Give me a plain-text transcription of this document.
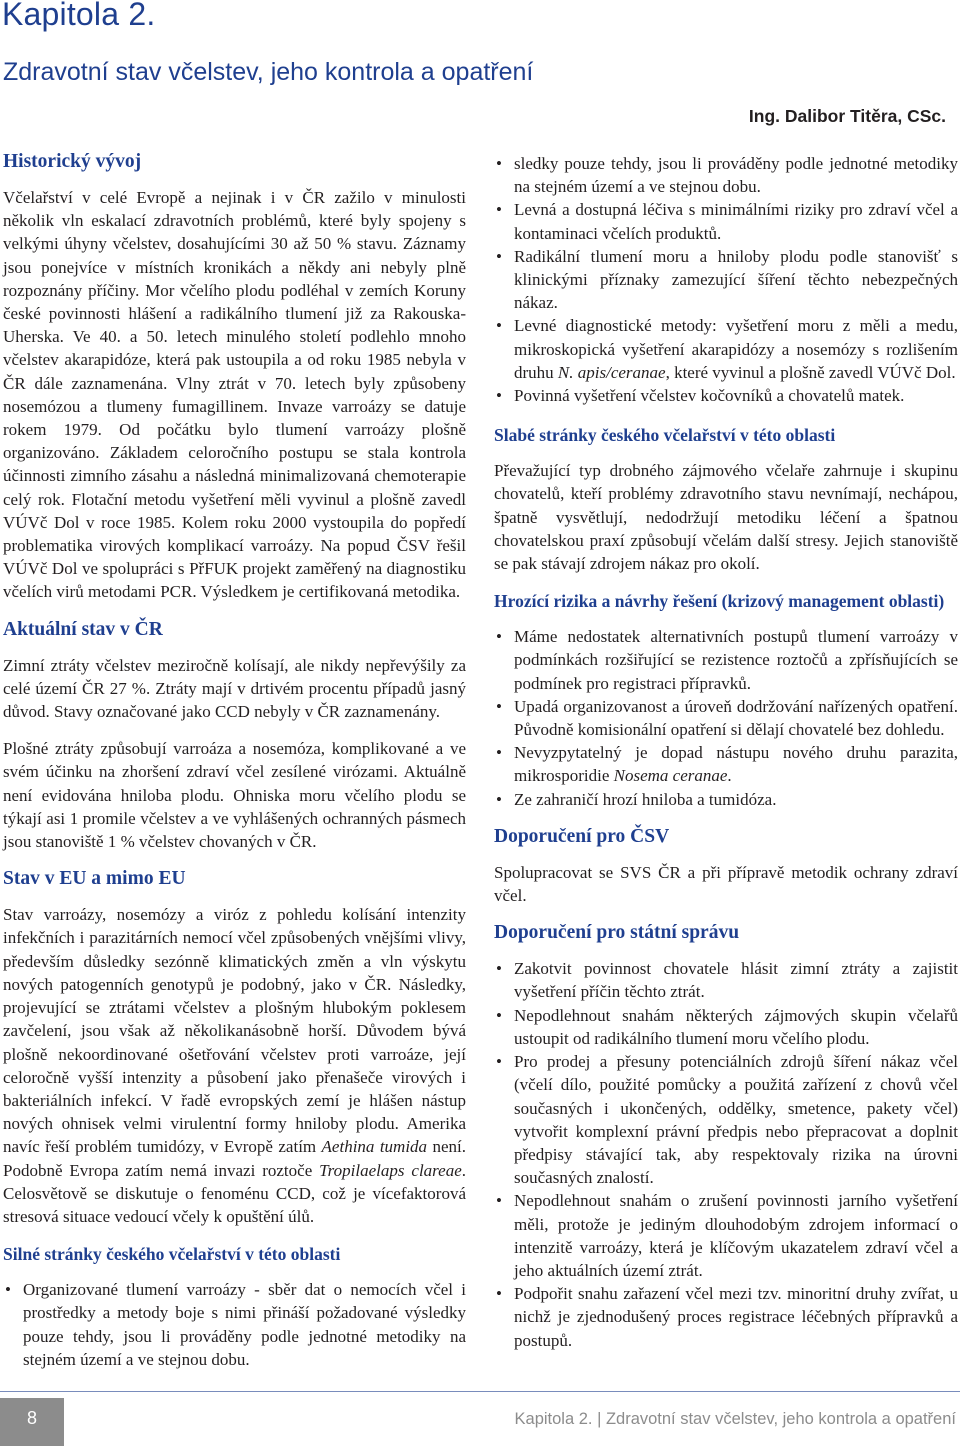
Kapitola 2.
Zdravotní stav včelstev, jeho kontrola a opatření
Ing. Dalibor Titěra, CSc.
Historický vývoj

Včelařství v celé Evropě a nejinak i v ČR zažilo v minulosti několik vln eskalací zdravotních problémů, které byly spojeny s velkými úhyny včelstev, dosahujícími 30 až 50 % stavu. Záznamy jsou ponejvíce v místních kronikách a někdy ani nebyly plně rozpoznány příčiny. Mor včelího plodu podléhal v zemích Koruny české povinnosti hlášení a radikálního tlumení již za Rakouska-Uherska. Ve 40. a 50. letech minulého století podlehlo mnoho včelstev akarapidóze, která pak ustoupila a od roku 1985 nebyla v ČR dále zaznamenána. Vlny ztrát v 70. letech byly způsobeny nosemózou a tlumeny fumagillinem. Invaze varroázy se datuje rokem 1979. Od počátku bylo tlumení varroázy plošně organizováno. Základem celoročního postupu se stala kontrola účinnosti zimního zásahu a následná minimalizovaná chemoterapie celý rok. Flotační metodu vyšetření měli vyvinul a plošně zavedl VÚVč Dol v roce 1985. Kolem roku 2000 vystoupila do popředí problematika virových komplikací varroázy. Na popud ČSV řešil VÚVč Dol ve spolupráci s PřFUK projekt zaměřený na diagnostiku včelích virů metodami PCR. Výsledkem je certifikovaná metodika.

Aktuální stav v ČR

Zimní ztráty včelstev meziročně kolísají, ale nikdy nepřevýšily za celé území ČR 27 %. Ztráty mají v drtivém procentu případů jasný důvod. Stavy označované jako CCD nebyly v ČR zaznamenány.

Plošné ztráty způsobují varroáza a nosemóza, komplikované a ve svém účinku na zhoršení zdraví včel zesílené virózami. Aktuálně není evidována hniloba plodu. Ohniska moru včelího plodu se týkají asi 1 promile včelstev a ve vyhlášených ochranných pásmech jsou stanoviště 1 % včelstev chovaných v ČR.

Stav v EU a mimo EU

Stav varroázy, nosemózy a viróz z pohledu kolísání intenzity infekčních i parazitárních nemocí včel způsobených vnějšími vlivy, především důsledky sezónně klimatických změn a vln výskytu nových patogenních genotypů je podobný, jako v ČR. Následky, projevující se ztrátami včelstev a plošným hlubokým poklesem zavčelení, jsou však až několikanásobně horší. Důvodem bývá plošně nekoordinované ošetřování včelstev proti varroáze, její celoročně vyšší intenzity a působení jako přenašeče virových i bakteriálních infekcí. V řadě evropských zemí je hlášen nástup nových ohnisek velmi virulentní formy hniloby plodu. Amerika navíc řeší problém tumidózy, v Evropě zatím Aethina tumida není. Podobně Evropa zatím nemá invazi roztoče Tropilaelaps clareae. Celosvětově se diskutuje o fenoménu CCD, což je vícefaktorová stresová situace vedoucí včely k opuštění úlů.

Silné stránky českého včelařství v této oblasti
• Organizované tlumení varroázy - sběr dat o nemocích včel i prostředky a metody boje s nimi přináší požadované výsledky pouze tehdy, jsou li prováděny podle jednotné metodiky na stejném území a ve stejnou dobu.
• sledky pouze tehdy, jsou li prováděny podle jednotné metodiky na stejném území a ve stejnou dobu.
• Levná a dostupná léčiva s minimálními riziky pro zdraví včel a kontaminaci včelích produktů.
• Radikální tlumení moru a hniloby plodu podle stanovišť s klinickými příznaky zamezující šíření těchto nebezpečných nákaz.
• Levné diagnostické metody: vyšetření moru z měli a medu, mikroskopická vyšetření akarapidózy a nosemózy s rozlišením druhu N. apis/ceranae, které vyvinul a plošně zavedl VÚVč Dol.
• Povinná vyšetření včelstev kočovníků a chovatelů matek.
Slabé stránky českého včelařství v této oblasti

Převažující typ drobného zájmového včelaře zahrnuje i skupinu chovatelů, kteří problémy zdravotního stavu nevnímají, nechápou, špatně vysvětlují, nedodržují metodiku léčení a špatnou chovatelskou praxí způsobují včelám další stresy. Jejich stanoviště se pak stávají zdrojem nákaz pro okolí.

Hrozící rizika a návrhy řešení (krizový management oblasti)
• Máme nedostatek alternativních postupů tlumení varroázy v podmínkách rozšiřující se rezistence roztočů a zpřísňujících se podmínek pro registraci přípravků.
• Upadá organizovanost a úroveň dodržování nařízených opatření. Původně komisionální opatření si dělají chovatelé bez dohledu.
• Nevyzpytatelný je dopad nástupu nového druhu parazita, mikrosporidie Nosema ceranae.
• Ze zahraničí hrozí hniloba a tumidóza.
Doporučení pro ČSV

Spolupracovat se SVS ČR a při přípravě metodik ochrany zdraví včel.

Doporučení pro státní správu
• Zakotvit povinnost chovatele hlásit zimní ztráty a zajistit vyšetření příčin těchto ztrát.
• Nepodlehnout snahám některých zájmových skupin včelařů ustoupit od radikálního tlumení moru včelího plodu.
• Pro prodej a přesuny potenciálních zdrojů šíření nákaz včel (včelí dílo, použité pomůcky a použitá zařízení z chovů včel současných i ukončených, oddělky, smetence, pakety včel) vytvořit komplexní právní předpis nebo přepracovat a doplnit předpisy stávající tak, aby respektovaly rizika na úrovni současných znalostí.
• Nepodlehnout snahám o zrušení povinnosti jarního vyšetření měli, protože je jediným dlouhodobým zdrojem informací o intenzitě varroázy, která je klíčovým ukazatelem zdraví včel a jeho aktuálních území ztrát.
• Podpořit snahu zařazení včel mezi tzv. minoritní druhy zvířat, u nichž je zjednodušený proces registrace léčebných přípravků a postupů.
8	Kapitola 2. | Zdravotní stav včelstev, jeho kontrola a opatření
